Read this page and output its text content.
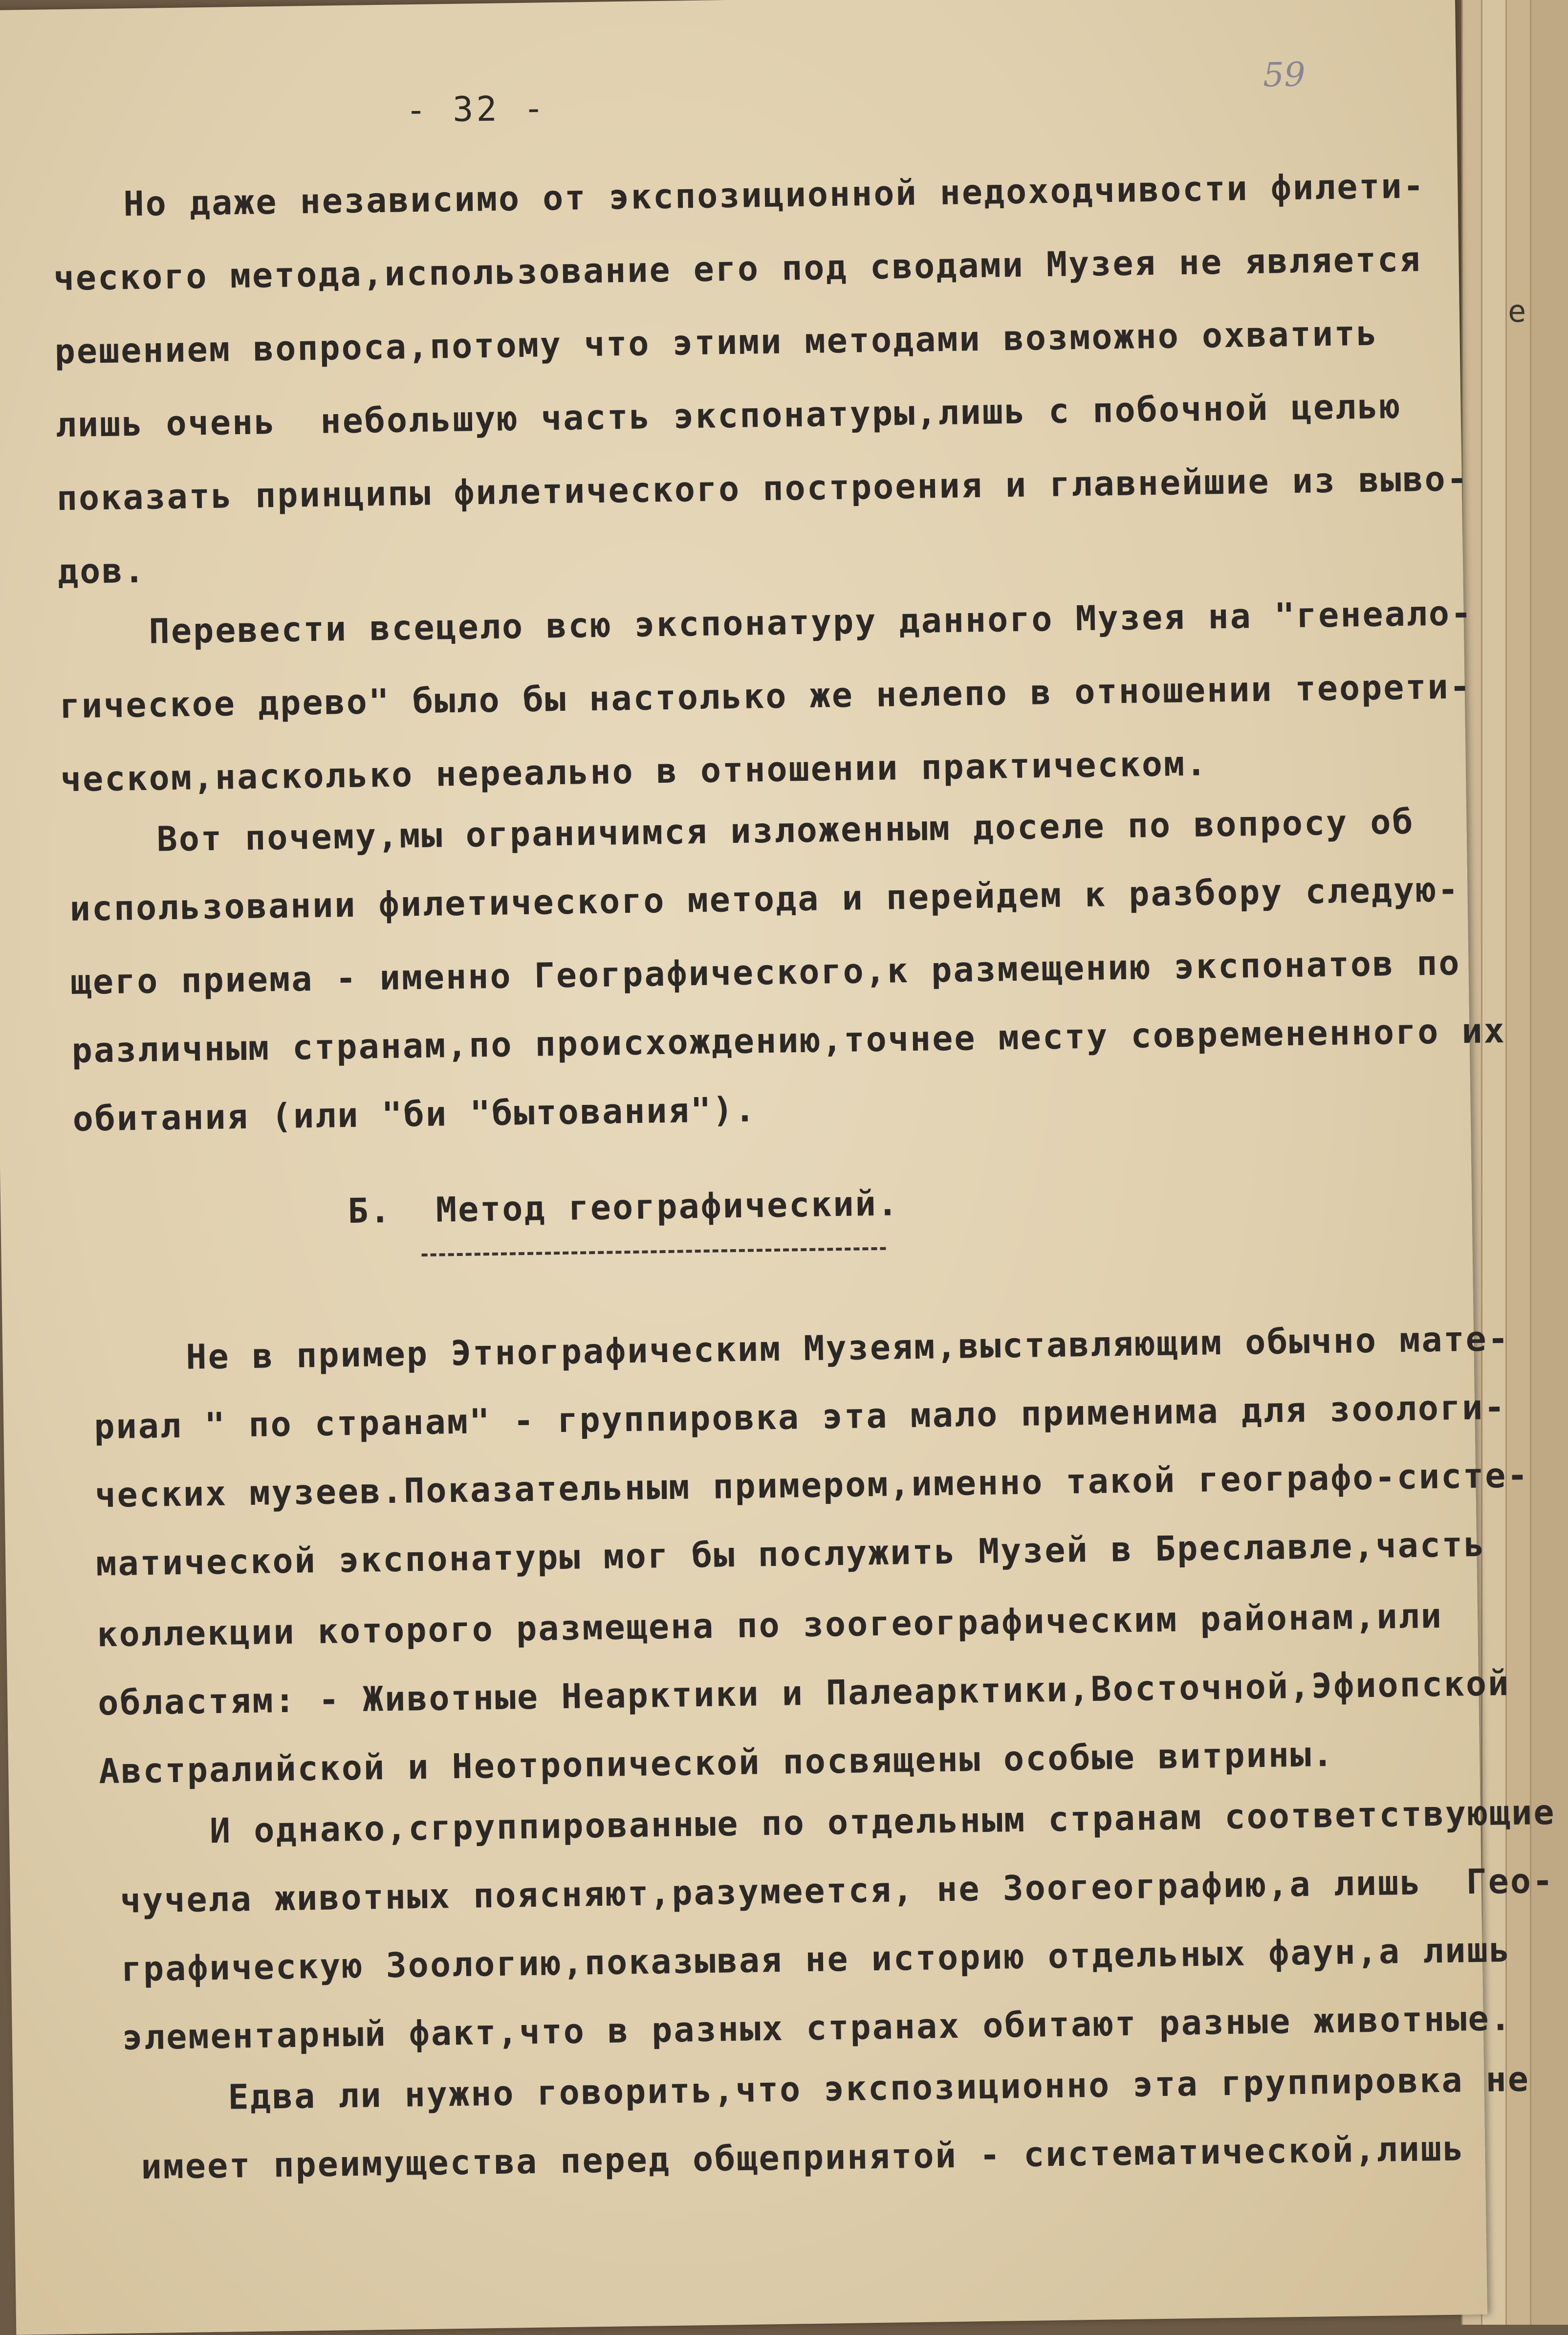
e
- 32 -
59
Но даже независимо от экспозиционной недоходчивости филети-
ческого метода,использование его под сводами Музея не является
решением вопроса,потому что этими методами возможно охватить
лишь очень  небольшую часть экспонатуры,лишь с побочной целью
показать принципы филетического построения и главнейшие из выво-
дов.
Перевести всецело всю экспонатуру данного Музея на "генеало-
гическое древо" было бы настолько же нелепо в отношении теорети-
ческом,насколько нереально в отношении практическом.
Вот почему,мы ограничимся изложенным доселе по вопросу об
использовании филетического метода и перейдем к разбору следую-
щего приема - именно Географического,к размещению экспонатов по
различным странам,по происхождению,точнее месту современенного их
обитания (или "би "бытования").
Б.  Метод географический.
Не в пример Этнографическим Музеям,выставляющим обычно мате-
риал " по странам" - группировка эта мало применима для зоологи-
ческих музеев.Показательным примером,именно такой географо-систе-
матической экспонатуры мог бы послужить Музей в Бреславле,часть
коллекции которого размещена по зоогеографическим районам,или
областям: - Животные Неарктики и Палеарктики,Восточной,Эфиопской
Австралийской и Неотропической посвящены особые витрины.
И однако,сгруппированные по отдельным странам соответствующие
чучела животных поясняют,разумеется, не Зоогеографию,а лишь  Гео-
графическую Зоологию,показывая не историю отдельных фаун,а лишь
элементарный факт,что в разных странах обитают разные животные.
Едва ли нужно говорить,что экспозиционно эта группировка не
имеет преимущества перед общепринятой - систематической,лишь
